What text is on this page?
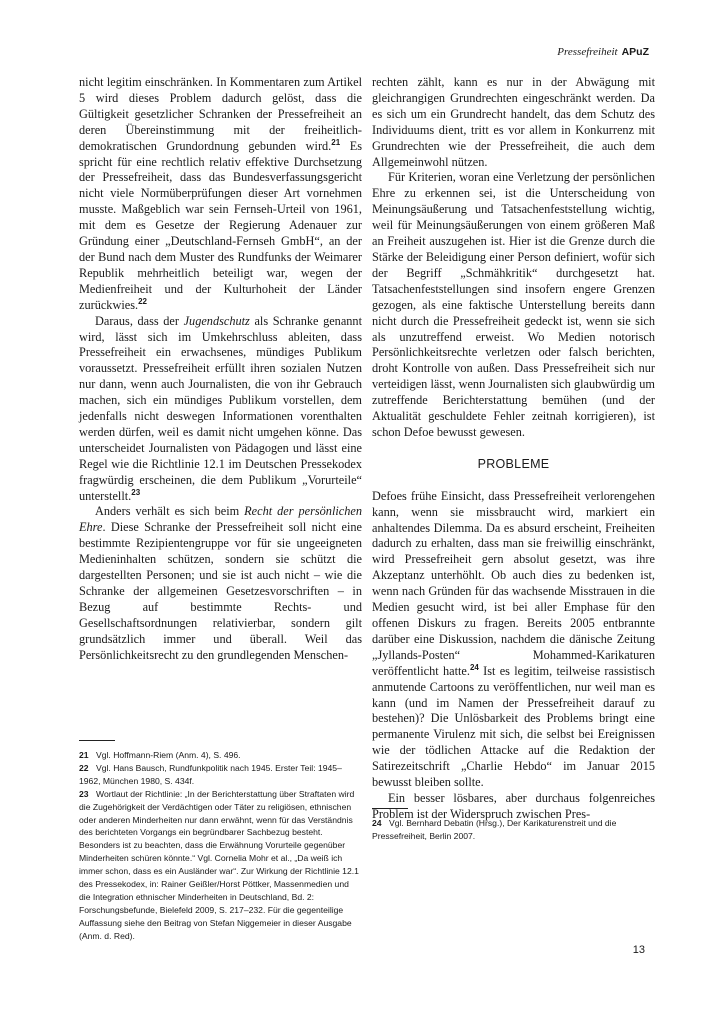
Pressefreiheit APuZ

nicht legitim einschränken. In Kommentaren zum Artikel 5 wird dieses Problem dadurch gelöst, dass die Gültigkeit gesetzlicher Schranken der Pressefreiheit an deren Übereinstimmung mit der freiheitlich-demokratischen Grundordnung gebunden wird.$^{21}$ Es spricht für eine rechtlich relativ effektive Durchsetzung der Pressefreiheit, dass das Bundesverfassungsgericht nicht viele Normüberprüfungen dieser Art vornehmen musste. Maßgeblich war sein Fernseh-Urteil von 1961, mit dem es Gesetze der Regierung Adenauer zur Gründung einer „Deutschland-Fernseh GmbH“, an der der Bund nach dem Muster des Rundfunks der Weimarer Republik mehrheitlich beteiligt war, wegen der Medienfreiheit und der Kulturhoheit der Länder zurückwies.$^{22}$

Daraus, dass der Jugendschutz als Schranke genannt wird, lässt sich im Umkehrschluss ableiten, dass Pressefreiheit ein erwachsenes, mündiges Publikum voraussetzt. Pressefreiheit erfüllt ihren sozialen Nutzen nur dann, wenn auch Journalisten, die von ihr Gebrauch machen, sich ein mündiges Publikum vorstellen, dem jedenfalls nicht deswegen Informationen vorenthalten werden dürfen, weil es damit nicht umgehen könne. Das unterscheidet Journalisten von Pädagogen und lässt eine Regel wie die Richtlinie 12.1 im Deutschen Pressekodex fragwürdig erscheinen, die dem Publikum „Vorurteile“ unterstellt.$^{23}$

Anders verhält es sich beim Recht der persönlichen Ehre. Diese Schranke der Pressefreiheit soll nicht eine bestimmte Rezipientengruppe vor für sie ungeeigneten Medieninhalten schützen, sondern sie schützt die dargestellten Personen; und sie ist auch nicht – wie die Schranke der allgemeinen Gesetzesvorschriften – in Bezug auf bestimmte Rechts- und Gesellschaftsordnungen relativierbar, sondern gilt grundsätzlich immer und überall. Weil das Persönlichkeitsrecht zu den grundlegenden Menschen-

rechten zählt, kann es nur in der Abwägung mit gleichrangigen Grundrechten eingeschränkt werden. Da es sich um ein Grundrecht handelt, das dem Schutz des Individuums dient, tritt es vor allem in Konkurrenz mit Grundrechten wie der Pressefreiheit, die auch dem Allgemeinwohl nützen.

Für Kriterien, woran eine Verletzung der persönlichen Ehre zu erkennen sei, ist die Unterscheidung von Meinungsäußerung und Tatsachenfeststellung wichtig, weil für Meinungsäußerungen von einem größeren Maß an Freiheit auszugehen ist. Hier ist die Grenze durch die Stärke der Beleidigung einer Person definiert, wofür sich der Begriff „Schmähkritik“ durchgesetzt hat. Tatsachenfeststellungen sind insofern engere Grenzen gezogen, als eine faktische Unterstellung bereits dann nicht durch die Pressefreiheit gedeckt ist, wenn sie sich als unzutreffend erweist. Wo Medien notorisch Persönlichkeitsrechte verletzen oder falsch berichten, droht Kontrolle von außen. Dass Pressefreiheit sich nur verteidigen lässt, wenn Journalisten sich glaubwürdig um zutreffende Berichterstattung bemühen (und der Aktualität geschuldete Fehler zeitnah korrigieren), ist schon Defoe bewusst gewesen.

PROBLEME

Defoes frühe Einsicht, dass Pressefreiheit verlorengehen kann, wenn sie missbraucht wird, markiert ein anhaltendes Dilemma. Da es absurd erscheint, Freiheiten dadurch zu erhalten, dass man sie freiwillig einschränkt, wird Pressefreiheit gern absolut gesetzt, was ihre Akzeptanz unterhöhlt. Ob auch dies zu bedenken ist, wenn nach Gründen für das wachsende Misstrauen in die Medien gesucht wird, ist bei aller Emphase für den offenen Diskurs zu fragen. Bereits 2005 entbrannte darüber eine Diskussion, nachdem die dänische Zeitung „Jyllands-Posten“ Mohammed-Karikaturen veröffentlicht hatte.$^{24}$ Ist es legitim, teilweise rassistisch anmutende Cartoons zu veröffentlichen, nur weil man es kann (und im Namen der Pressefreiheit darauf zu bestehen)? Die Unlösbarkeit des Problems bringt eine permanente Virulenz mit sich, die selbst bei Ereignissen wie der tödlichen Attacke auf die Redaktion der Satirezeitschrift „Charlie Hebdo“ im Januar 2015 bewusst bleiben sollte.

Ein besser lösbares, aber durchaus folgenreiches Problem ist der Widerspruch zwischen Pres-

21 Vgl. Hoffmann-Riem (Anm. 4), S. 496.

22 Vgl. Hans Bausch, Rundfunkpolitik nach 1945. Erster Teil: 1945–1962, München 1980, S. 434f.

23 Wortlaut der Richtlinie: „In der Berichterstattung über Straftaten wird die Zugehörigkeit der Verdächtigen oder Täter zu religiösen, ethnischen oder anderen Minderheiten nur dann erwähnt, wenn für das Verständnis des berichteten Vorgangs ein begründbarer Sachbezug besteht. Besonders ist zu beachten, dass die Erwähnung Vorurteile gegenüber Minderheiten schüren könnte.“ Vgl. Cornelia Mohr et al., „Da weiß ich immer schon, dass es ein Ausländer war“. Zur Wirkung der Richtlinie 12.1 des Pressekodex, in: Rainer Geißler/Horst Pöttker, Massenmedien und die Integration ethnischer Minderheiten in Deutschland, Bd. 2: Forschungsbefunde, Bielefeld 2009, S. 217–232. Für die gegenteilige Auffassung siehe den Beitrag von Stefan Niggemeier in dieser Ausgabe (Anm. d. Red).

24 Vgl. Bernhard Debatin (Hrsg.), Der Karikaturenstreit und die Pressefreiheit, Berlin 2007.

13
